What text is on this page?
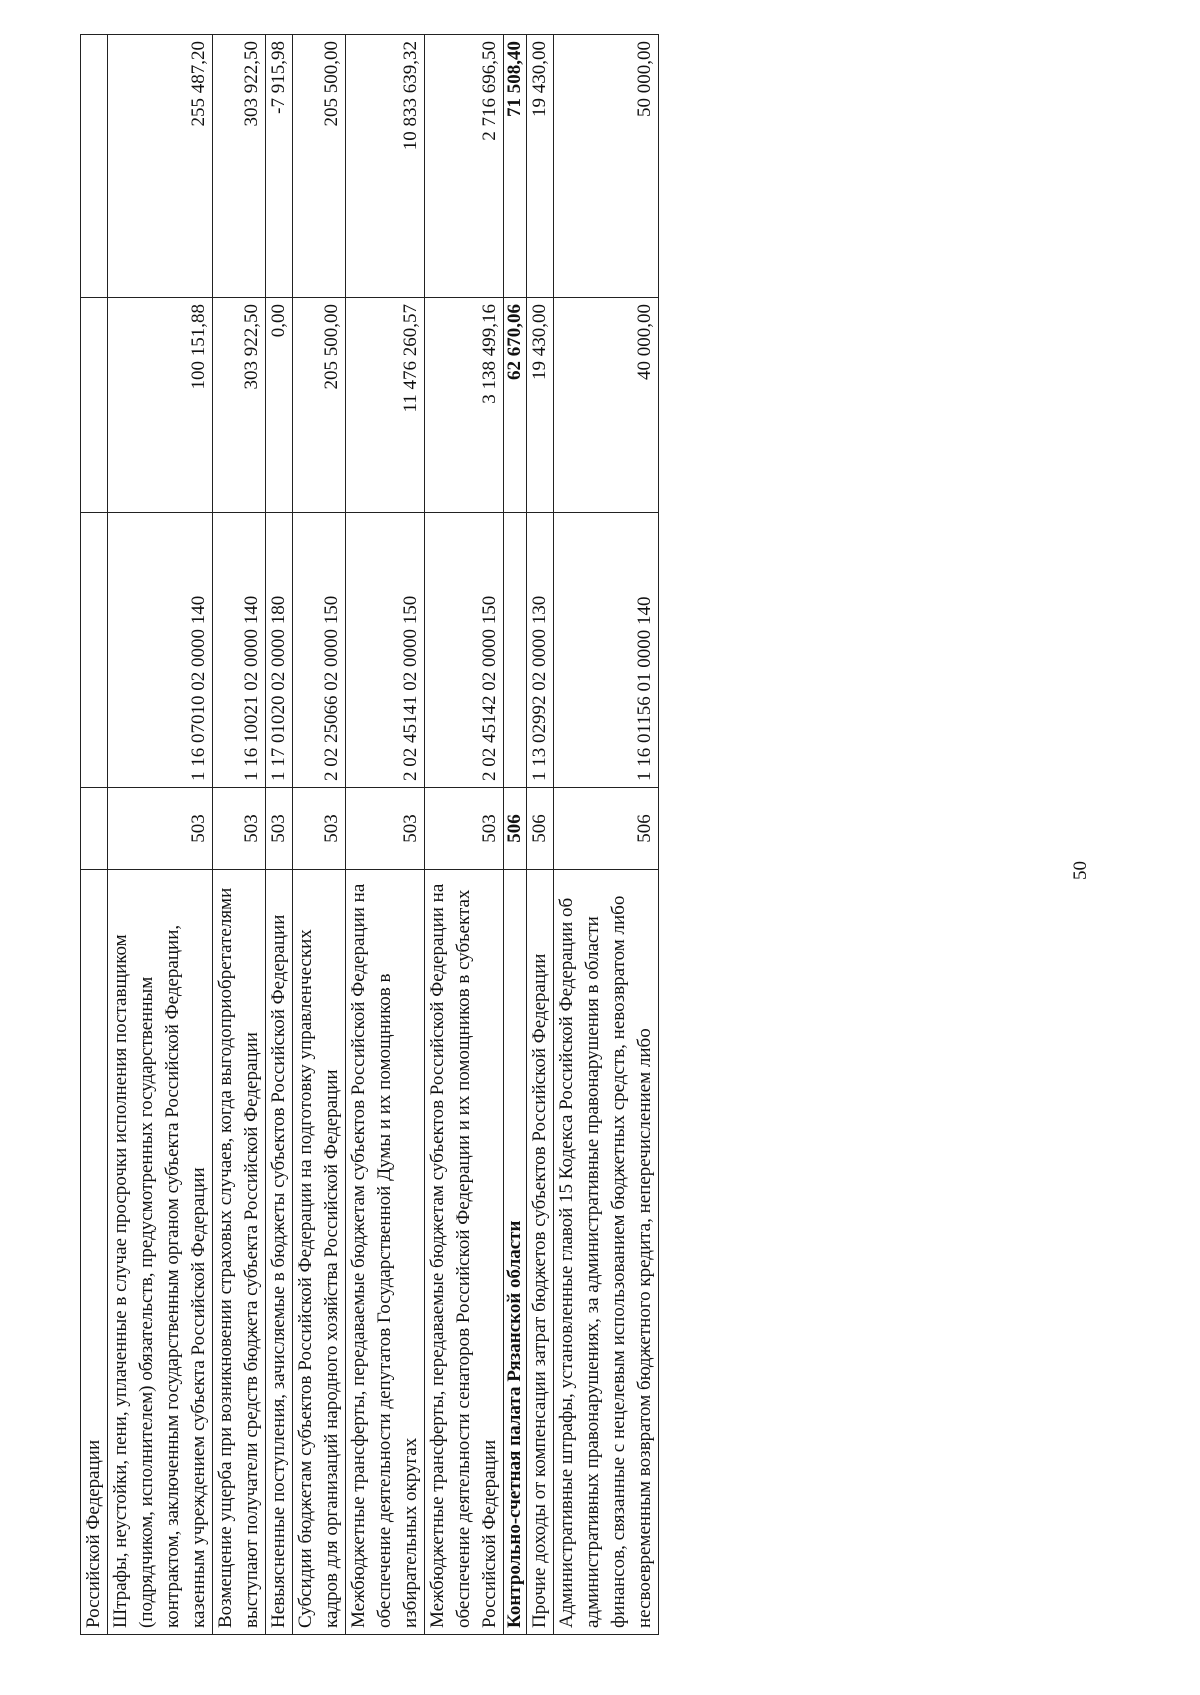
50
Российской Федерации				
Штрафы, неустойки, пени, уплаченные в случае просрочки исполнения поставщиком (подрядчиком, исполнителем) обязательств, предусмотренных государственным контрактом, заключенным государственным органом субъекта Российской Федерации, казенным учреждением субъекта Российской Федерации	503	1 16 07010 02 0000 140	100 151,88	255 487,20
Возмещение ущерба при возникновении страховых случаев, когда выгодоприобретателями выступают получатели средств бюджета субъекта Российской Федерации	503	1 16 10021 02 0000 140	303 922,50	303 922,50
Невыясненные поступления, зачисляемые в бюджеты субъектов Российской Федерации	503	1 17 01020 02 0000 180	0,00	-7 915,98
Субсидии бюджетам субъектов Российской Федерации на подготовку управленческих кадров для организаций народного хозяйства Российской Федерации	503	2 02 25066 02 0000 150	205 500,00	205 500,00
Межбюджетные трансферты, передаваемые бюджетам субъектов Российской Федерации на обеспечение деятельности депутатов Государственной Думы и их помощников в избирательных округах	503	2 02 45141 02 0000 150	11 476 260,57	10 833 639,32
Межбюджетные трансферты, передаваемые бюджетам субъектов Российской Федерации на обеспечение деятельности сенаторов Российской Федерации и их помощников в субъектах Российской Федерации	503	2 02 45142 02 0000 150	3 138 499,16	2 716 696,50
Контрольно-счетная палата Рязанской области	506		62 670,06	71 508,40
Прочие доходы от компенсации затрат бюджетов субъектов Российской Федерации	506	1 13 02992 02 0000 130	19 430,00	19 430,00
Административные штрафы, установленные главой 15 Кодекса Российской Федерации об административных правонарушениях, за административные правонарушения в области финансов, связанные с нецелевым использованием бюджетных средств, невозвратом либо несвоевременным возвратом бюджетного кредита, неперечислением либо	506	1 16 01156 01 0000 140	40 000,00	50 000,00
